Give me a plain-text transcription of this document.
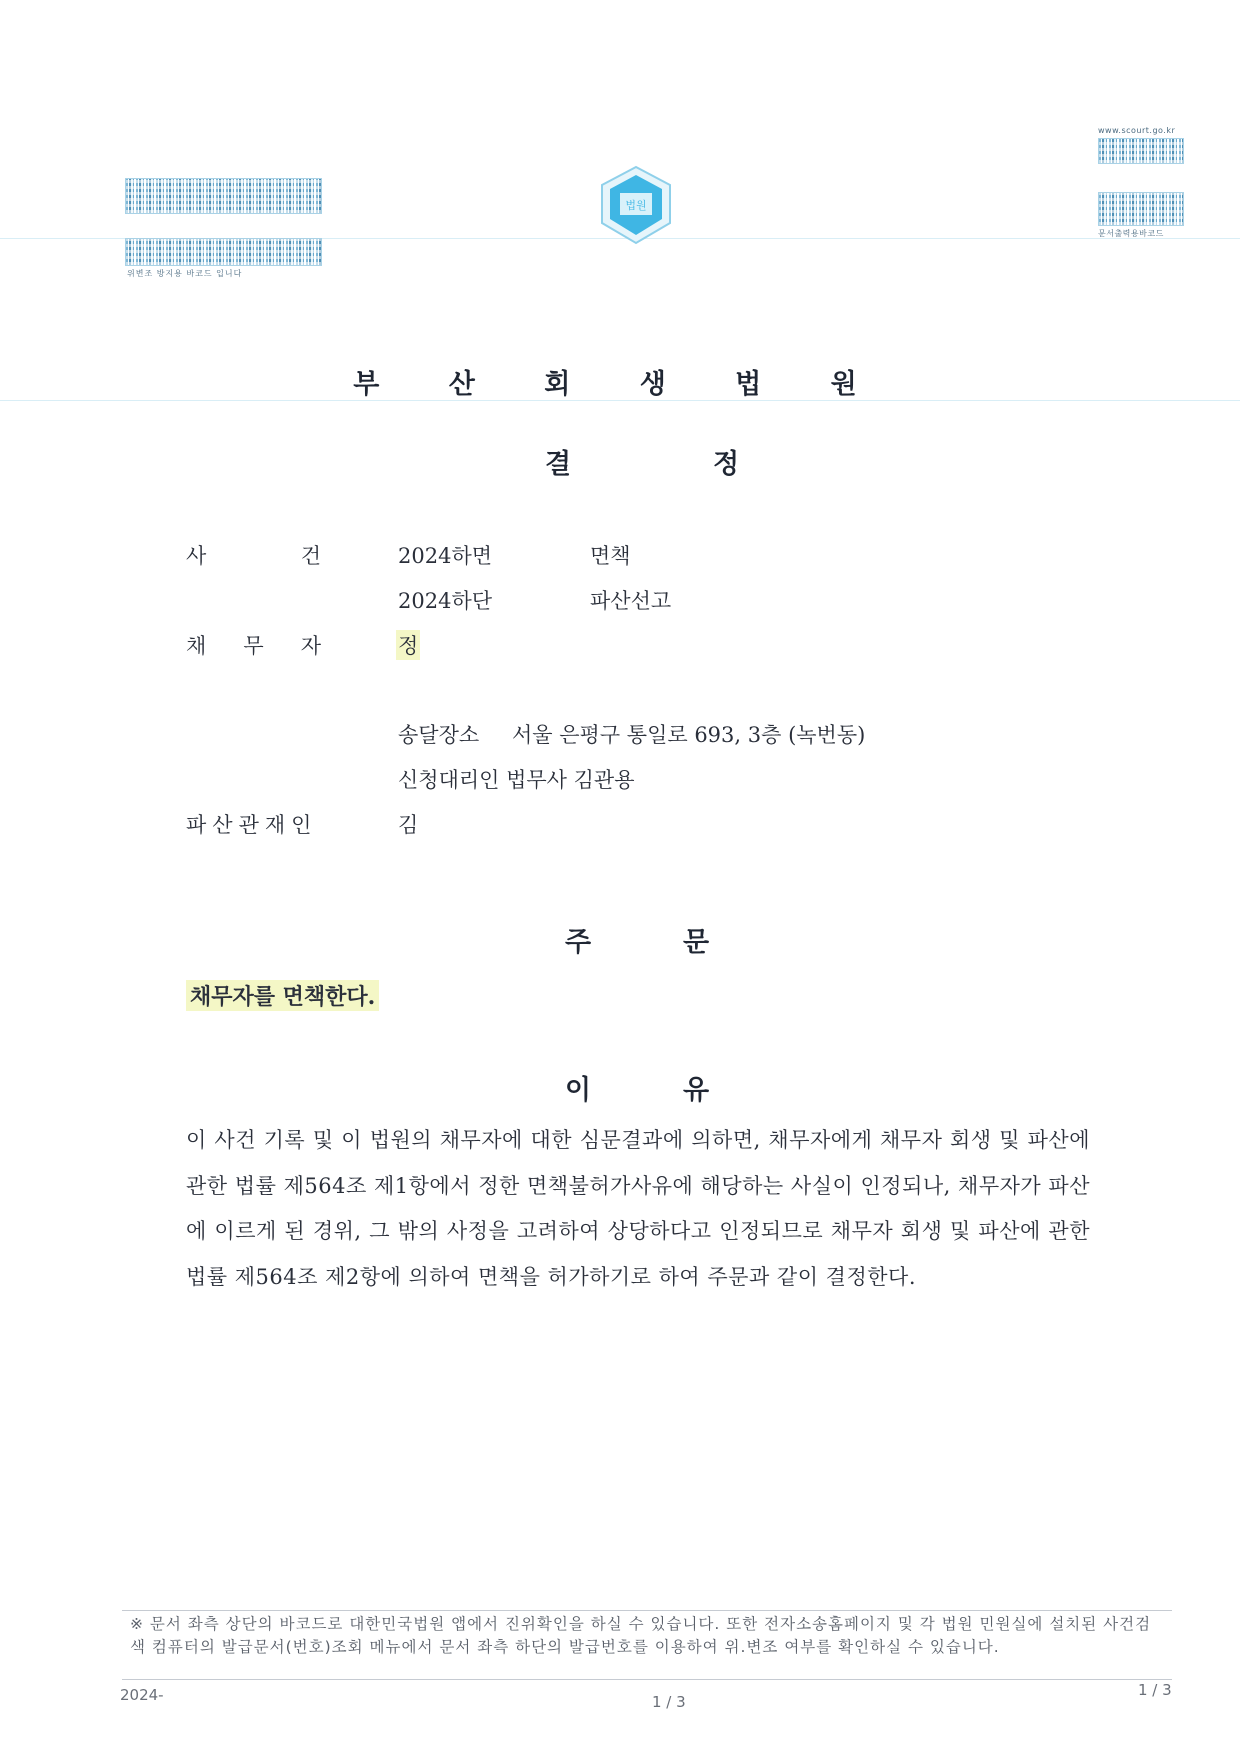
위변조 방지용 바코드 입니다
법원
www.scourt.go.kr
문서출력용바코드
부 산 회 생 법 원
결	정
사	건	2024하면	면책
2024하단	파산선고
채 무 자	정
송달장소 서울 은평구 통일로 693, 3층 (녹번동)
신청대리인 법무사 김관용
파산관재인	김
주	문
채무자를 면책한다.
이	유
이 사건 기록 및 이 법원의 채무자에 대한 심문결과에 의하면, 채무자에게 채무자 회생 및 파산에 관한 법률 제564조 제1항에서 정한 면책불허가사유에 해당하는 사실이 인정되나, 채무자가 파산에 이르게 된 경위, 그 밖의 사정을 고려하여 상당하다고 인정되므로 채무자 회생 및 파산에 관한 법률 제564조 제2항에 의하여 면책을 허가하기로 하여 주문과 같이 결정한다.
※ 문서 좌측 상단의 바코드로 대한민국법원 앱에서 진위확인을 하실 수 있습니다. 또한 전자소송홈페이지 및 각 법원 민원실에 설치된 사건검색 컴퓨터의 발급문서(번호)조회 메뉴에서 문서 좌측 하단의 발급번호를 이용하여 위.변조 여부를 확인하실 수 있습니다.
2024-	1 / 3
1 / 3
